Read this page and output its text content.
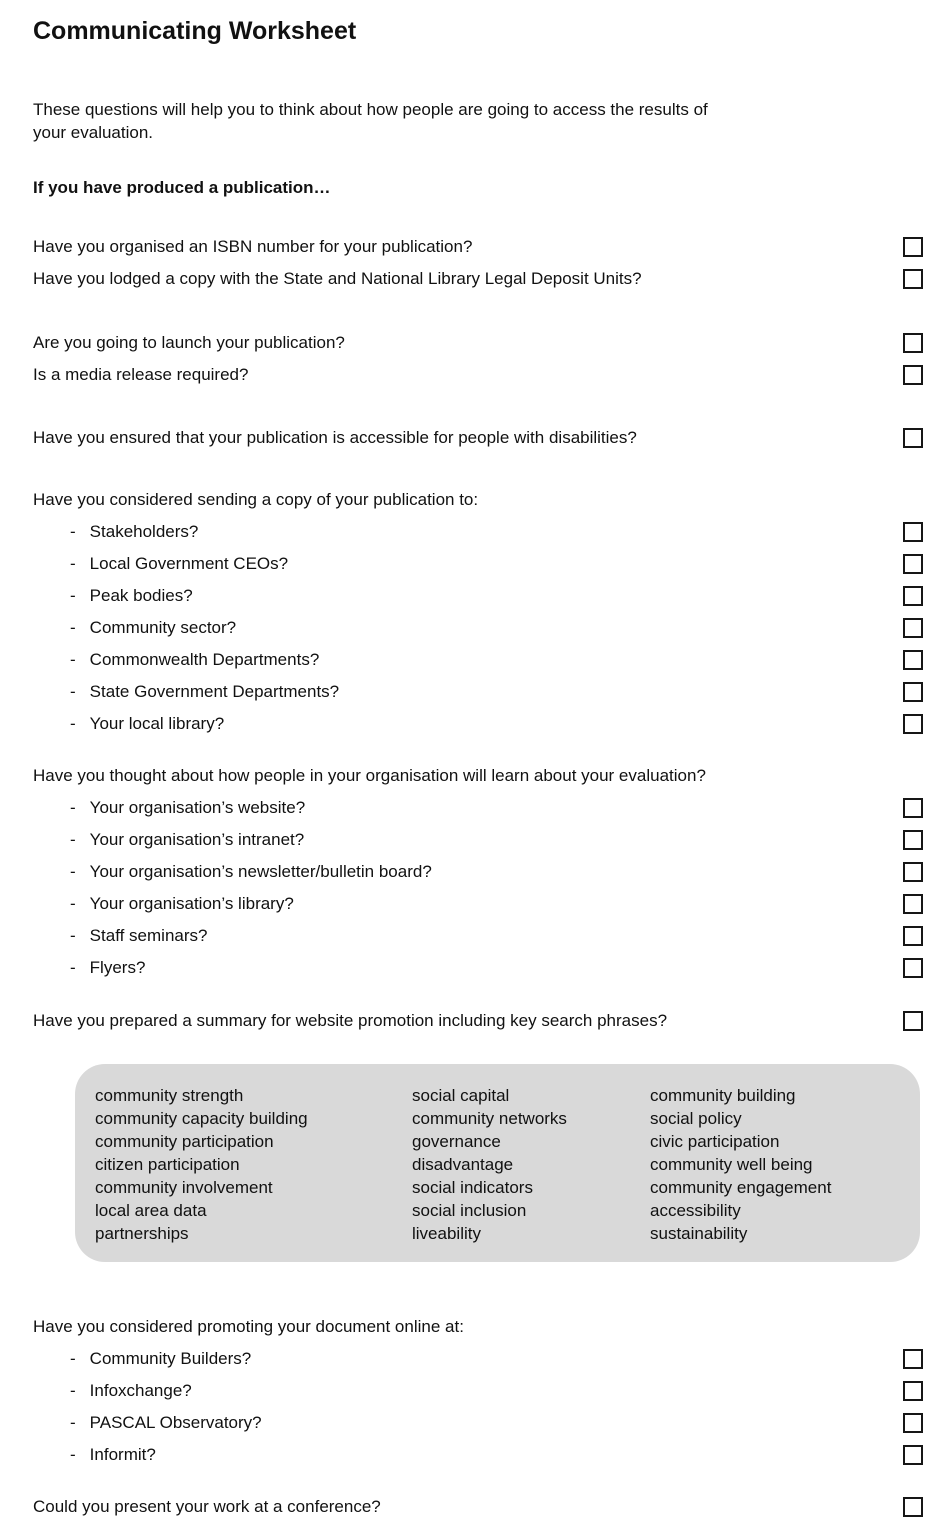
Communicating Worksheet

These questions will help you to think about how people are going to access the results of your evaluation.

If you have produced a publication…

Have you organised an ISBN number for your publication?
Have you lodged a copy with the State and National Library Legal Deposit Units?
Are you going to launch your publication?
Is a media release required?
Have you ensured that your publication is accessible for people with disabilities?
Have you considered sending a copy of your publication to:
- Stakeholders?
- Local Government CEOs?
- Peak bodies?
- Community sector?
- Commonwealth Departments?
- State Government Departments?
- Your local library?
Have you thought about how people in your organisation will learn about your evaluation?
- Your organisation’s website?
- Your organisation’s intranet?
- Your organisation’s newsletter/bulletin board?
- Your organisation’s library?
- Staff seminars?
- Flyers?
Have you prepared a summary for website promotion including key search phrases?
community strength
community capacity building
community participation
citizen participation
community involvement
local area data
partnerships
social capital
community networks
governance
disadvantage
social indicators
social inclusion
liveability
community building
social policy
civic participation
community well being
community engagement
accessibility
sustainability
Have you considered promoting your document online at:
- Community Builders?
- Infoxchange?
- PASCAL Observatory?
- Informit?
Could you present your work at a conference?
